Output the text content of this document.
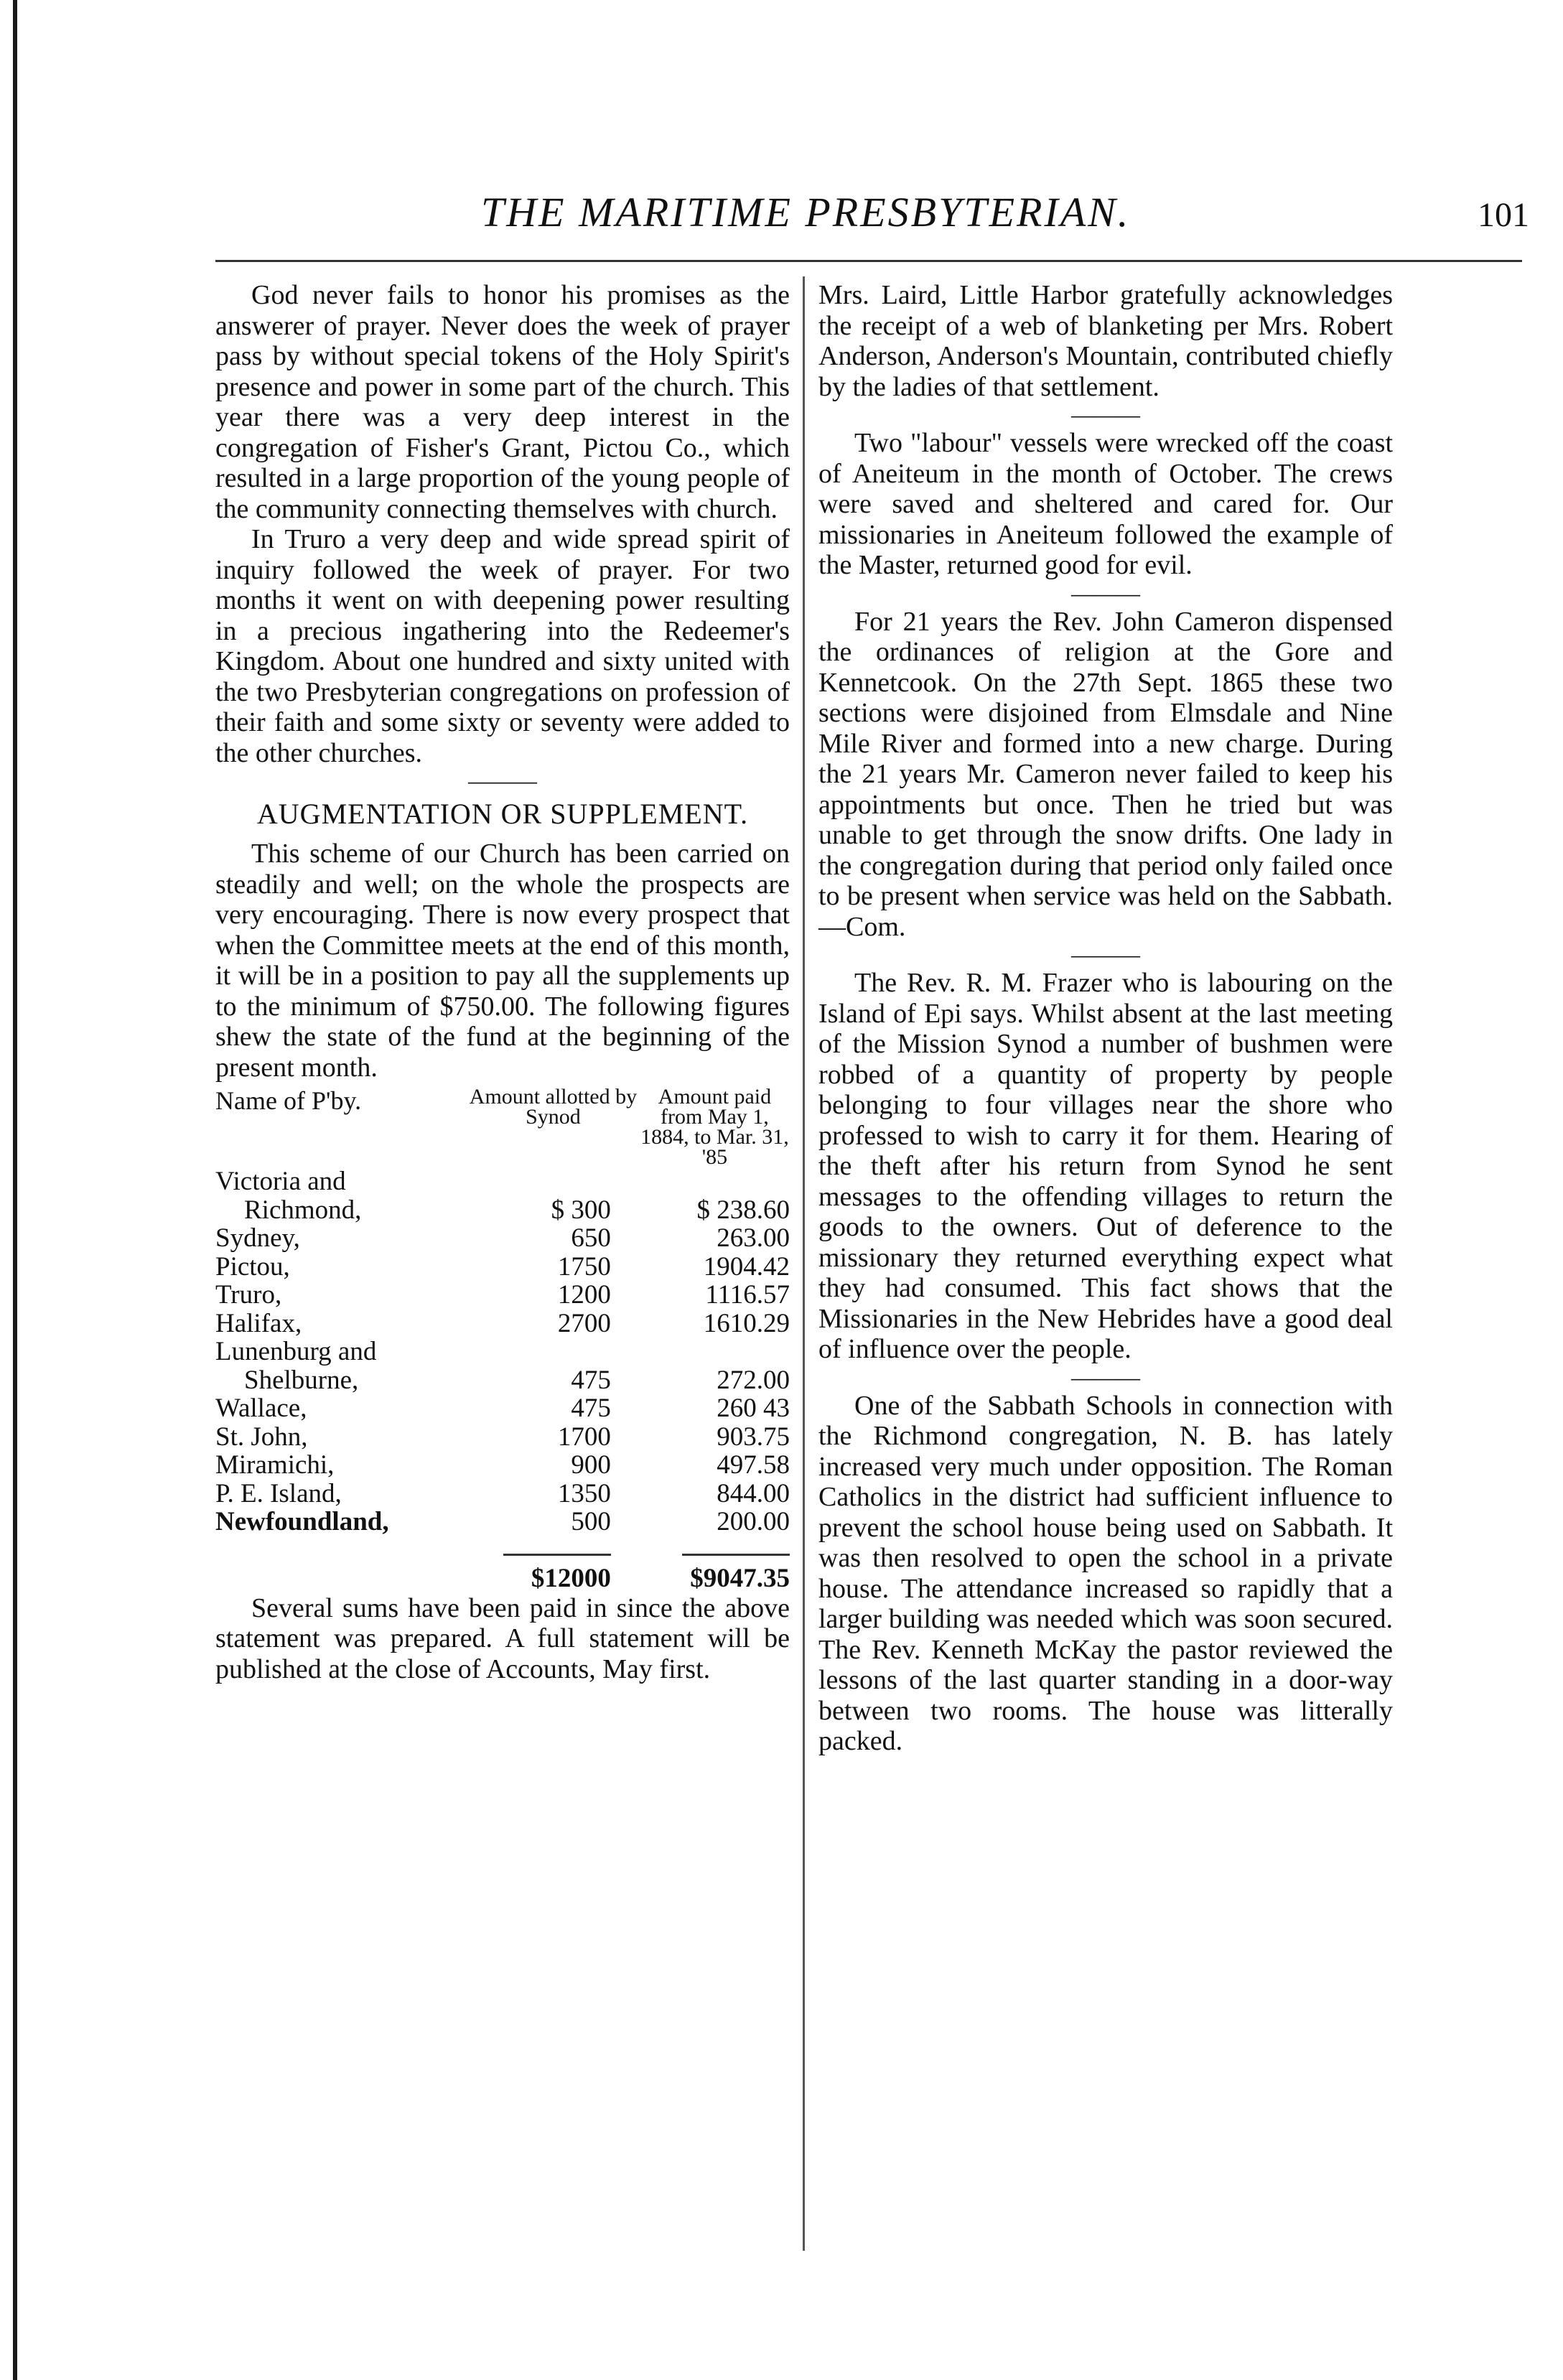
THE MARITIME PRESBYTERIAN.	101

God never fails to honor his promises as the answerer of prayer. Never does the week of prayer pass by without special tokens of the Holy Spirit's presence and power in some part of the church. This year there was a very deep interest in the congregation of Fisher's Grant, Pictou Co., which resulted in a large proportion of the young people of the community connecting themselves with church.

In Truro a very deep and wide spread spirit of inquiry followed the week of prayer. For two months it went on with deepening power resulting in a precious ingathering into the Redeemer's Kingdom. About one hundred and sixty united with the two Presbyterian congregations on profession of their faith and some sixty or seventy were added to the other churches.

———
AUGMENTATION OR SUPPLEMENT.

This scheme of our Church has been carried on steadily and well; on the whole the prospects are very encouraging. There is now every prospect that when the Committee meets at the end of this month, it will be in a position to pay all the supplements up to the minimum of $750.00. The following figures shew the state of the fund at the beginning of the present month.

Name of P'by.	Amount allotted by Synod	Amount paid from May 1, 1884, to Mar. 31, '85
Victoria and		
Richmond,	$ 300	$ 238.60
Sydney,	650	263.00
Pictou,	1750	1904.42
Truro,	1200	1116.57
Halifax,	2700	1610.29
Lunenburg and		
Shelburne,	475	272.00
Wallace,	475	260 43
St. John,	1700	903.75
Miramichi,	900	497.58
P. E. Island,	1350	844.00
Newfoundland,	500	200.00

	$12000	$9047.35

Several sums have been paid in since the above statement was prepared. A full statement will be published at the close of Accounts, May first.

Mrs. Laird, Little Harbor gratefully acknowledges the receipt of a web of blanketing per Mrs. Robert Anderson, Anderson's Mountain, contributed chiefly by the ladies of that settlement.

———

Two "labour" vessels were wrecked off the coast of Aneiteum in the month of October. The crews were saved and sheltered and cared for. Our missionaries in Aneiteum followed the example of the Master, returned good for evil.

———

For 21 years the Rev. John Cameron dispensed the ordinances of religion at the Gore and Kennetcook. On the 27th Sept. 1865 these two sections were disjoined from Elmsdale and Nine Mile River and formed into a new charge. During the 21 years Mr. Cameron never failed to keep his appointments but once. Then he tried but was unable to get through the snow drifts. One lady in the congregation during that period only failed once to be present when service was held on the Sabbath.—Com.

———

The Rev. R. M. Frazer who is labouring on the Island of Epi says. Whilst absent at the last meeting of the Mission Synod a number of bushmen were robbed of a quantity of property by people belonging to four villages near the shore who professed to wish to carry it for them. Hearing of the theft after his return from Synod he sent messages to the offending villages to return the goods to the owners. Out of deference to the missionary they returned everything expect what they had consumed. This fact shows that the Missionaries in the New Hebrides have a good deal of influence over the people.

———

One of the Sabbath Schools in connection with the Richmond congregation, N. B. has lately increased very much under opposition. The Roman Catholics in the district had sufficient influence to prevent the school house being used on Sabbath. It was then resolved to open the school in a private house. The attendance increased so rapidly that a larger building was needed which was soon secured. The Rev. Kenneth McKay the pastor reviewed the lessons of the last quarter standing in a door-way between two rooms. The house was litterally packed.
